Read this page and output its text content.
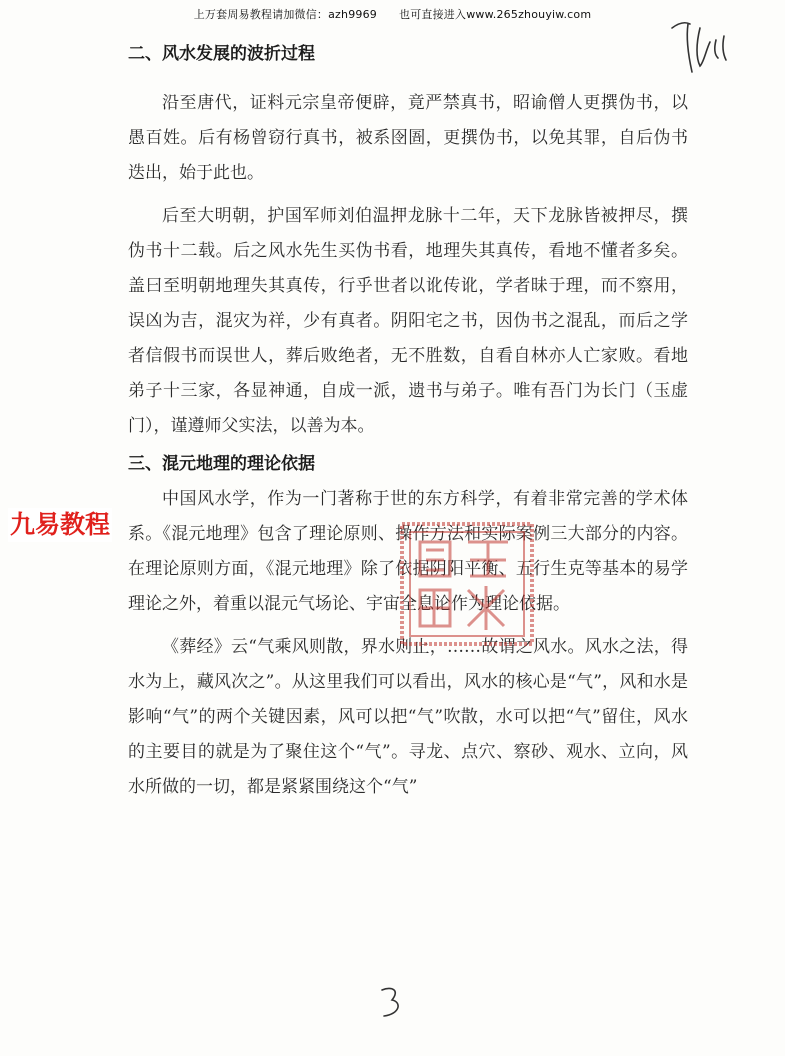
上万套周易教程请加微信：azh9969 也可直接进入www.265zhouyiw.com
二、风水发展的波折过程

沿至唐代，证料元宗皇帝便辟，竟严禁真书，昭谕僧人更撰伪书，以愚百姓。后有杨曾窃行真书，被系囹圄，更撰伪书，以免其罪，自后伪书迭出，始于此也。

后至大明朝，护国军师刘伯温押龙脉十二年，天下龙脉皆被押尽，撰伪书十二载。后之风水先生买伪书看，地理失其真传，看地不懂者多矣。盖曰至明朝地理失其真传，行乎世者以讹传讹，学者昧于理，而不察用，误凶为吉，混灾为祥，少有真者。阴阳宅之书，因伪书之混乱，而后之学者信假书而误世人，葬后败绝者，无不胜数，自看自林亦人亡家败。看地弟子十三家，各显神通，自成一派，遗书与弟子。唯有吾门为长门（玉虚门），谨遵师父实法，以善为本。

三、混元地理的理论依据

中国风水学，作为一门著称于世的东方科学，有着非常完善的学术体系。《混元地理》包含了理论原则、操作方法和实际案例三大部分的内容。在理论原则方面，《混元地理》除了依据阴阳平衡、五行生克等基本的易学理论之外，着重以混元气场论、宇宙全息论作为理论依据。

《葬经》云“气乘风则散，界水则止，……故谓之风水。风水之法，得水为上，藏风次之”。从这里我们可以看出，风水的核心是“气”，风和水是影响“气”的两个关键因素，风可以把“气”吹散，水可以把“气”留住，风水的主要目的就是为了聚住这个“气”。寻龙、点穴、察砂、观水、立向，风水所做的一切，都是紧紧围绕这个“气”

九易教程
